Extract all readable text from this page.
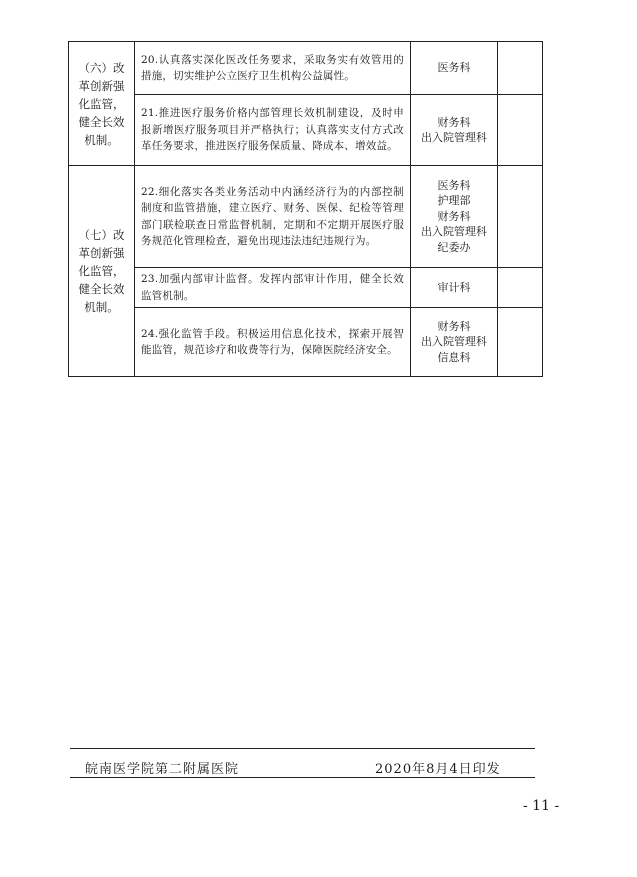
（六）改革创新强化监管，健全长效机制。	20.认真落实深化医改任务要求，采取务实有效管用的措施，切实维护公立医疗卫生机构公益属性。	医务科	

	21.推进医疗服务价格内部管理长效机制建设，及时申报新增医疗服务项目并严格执行；认真落实支付方式改革任务要求，推进医疗服务保质量、降成本、增效益。	财务科
出入院管理科	

（七）改革创新强化监管，健全长效机制。	22.细化落实各类业务活动中内涵经济行为的内部控制制度和监管措施，建立医疗、财务、医保、纪检等管理部门联检联查日常监督机制，定期和不定期开展医疗服务规范化管理检查，避免出现违法违纪违规行为。	医务科
护理部
财务科
出入院管理科
纪委办	

	23.加强内部审计监督。发挥内部审计作用，健全长效监管机制。	审计科	

	24.强化监管手段。积极运用信息化技术，探索开展智能监管，规范诊疗和收费等行为，保障医院经济安全。	财务科
出入院管理科
信息科	

皖南医学院第二附属医院	2020年8月4日印发
- 11 -
